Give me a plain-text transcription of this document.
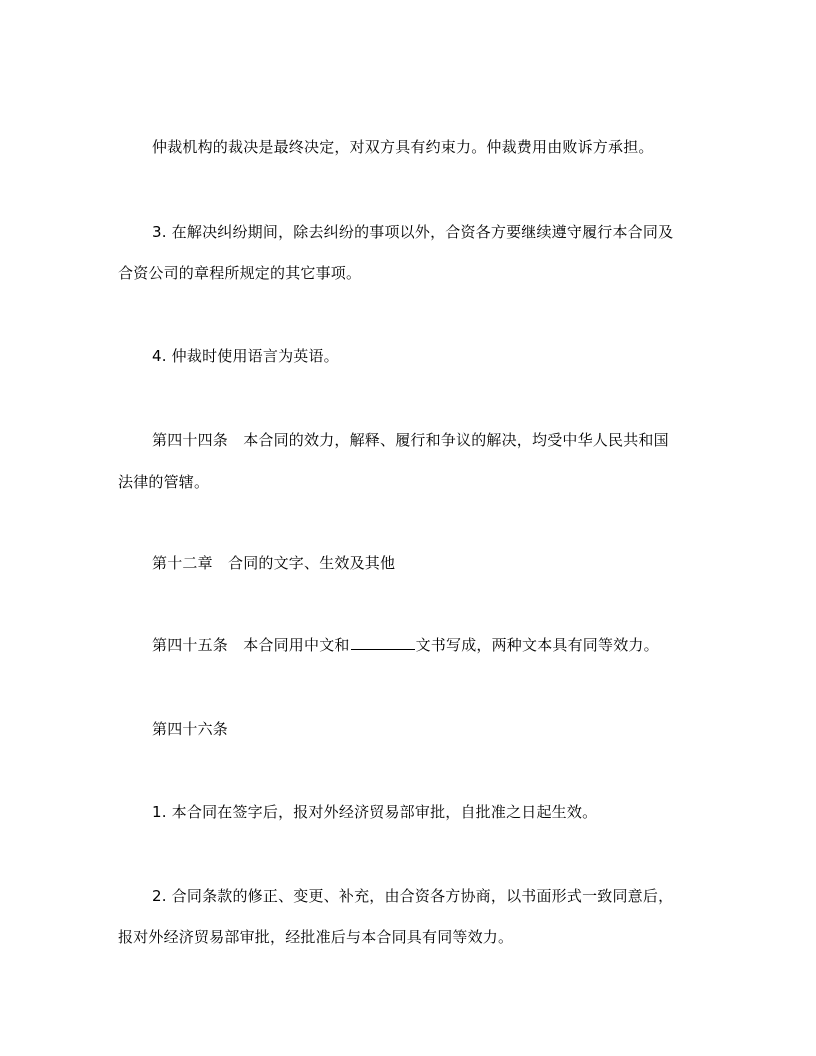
仲裁机构的裁决是最终决定，对双方具有约束力。仲裁费用由败诉方承担。
3. 在解决纠纷期间，除去纠纷的事项以外，合资各方要继续遵守履行本合同及
合资公司的章程所规定的其它事项。
4. 仲裁时使用语言为英语。
第四十四条　本合同的效力，解释、履行和争议的解决，均受中华人民共和国
法律的管辖。
第十二章　合同的文字、生效及其他
第四十五条　本合同用中文和	文书写成，两种文本具有同等效力。
第四十六条
1. 本合同在签字后，报对外经济贸易部审批，自批准之日起生效。
2. 合同条款的修正、变更、补充，由合资各方协商，以书面形式一致同意后，
报对外经济贸易部审批，经批准后与本合同具有同等效力。
